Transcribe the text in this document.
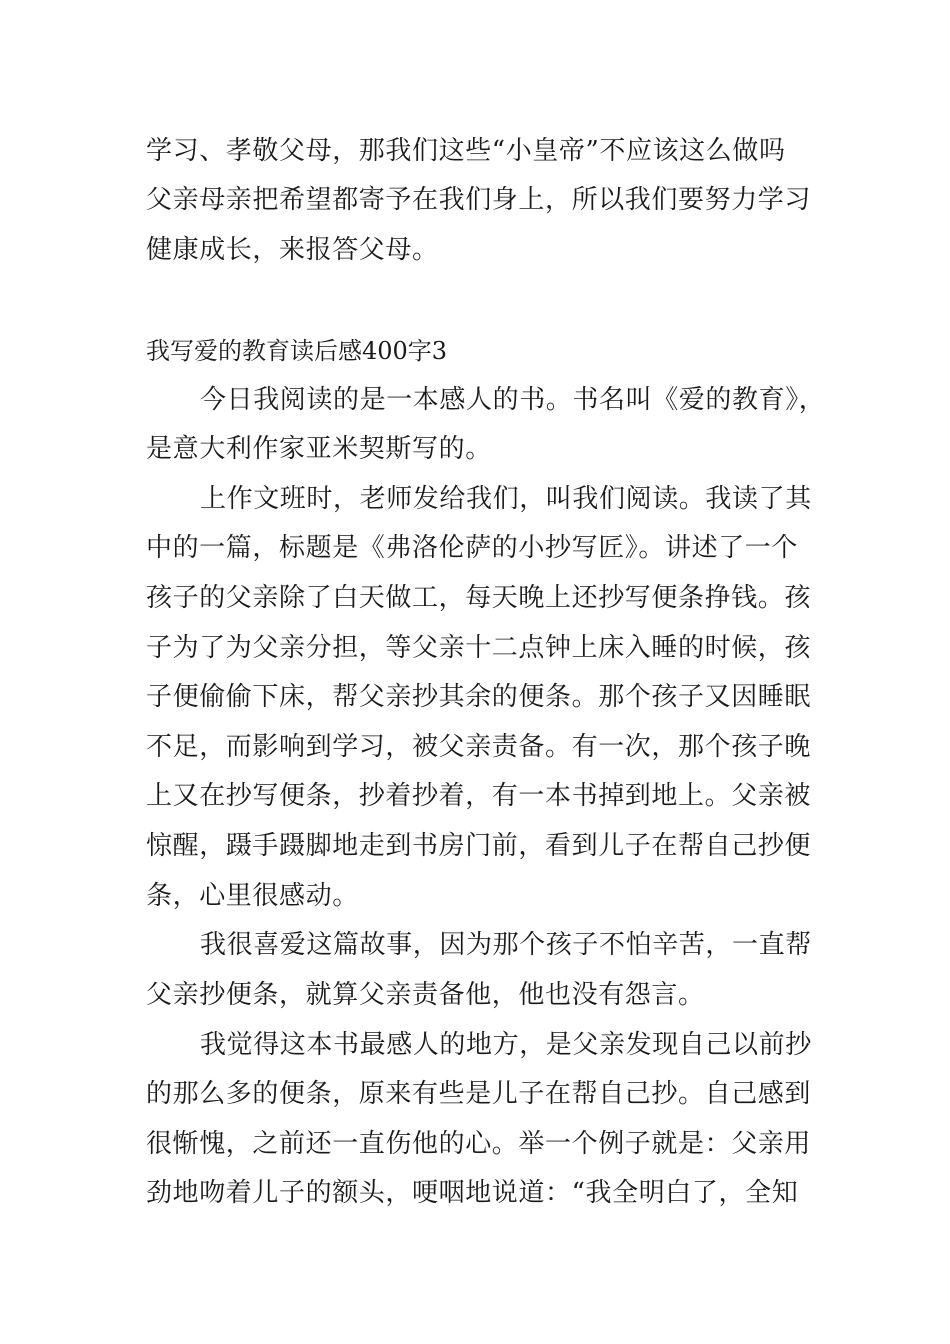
学习、孝敬父母，那我们这些“小皇帝”不应该这么做吗

父亲母亲把希望都寄予在我们身上，所以我们要努力学习

健康成长，来报答父母。

我写爱的教育读后感400字3

今日我阅读的是一本感人的书。书名叫《爱的教育》，

是意大利作家亚米契斯写的。

上作文班时，老师发给我们，叫我们阅读。我读了其

中的一篇，标题是《弗洛伦萨的小抄写匠》。讲述了一个

孩子的父亲除了白天做工，每天晚上还抄写便条挣钱。孩

子为了为父亲分担，等父亲十二点钟上床入睡的时候，孩

子便偷偷下床，帮父亲抄其余的便条。那个孩子又因睡眠

不足，而影响到学习，被父亲责备。有一次，那个孩子晚

上又在抄写便条，抄着抄着，有一本书掉到地上。父亲被

惊醒，蹑手蹑脚地走到书房门前，看到儿子在帮自己抄便

条，心里很感动。

我很喜爱这篇故事，因为那个孩子不怕辛苦，一直帮

父亲抄便条，就算父亲责备他，他也没有怨言。

我觉得这本书最感人的地方，是父亲发现自己以前抄

的那么多的便条，原来有些是儿子在帮自己抄。自己感到

很惭愧，之前还一直伤他的心。举一个例子就是：父亲用

劲地吻着儿子的额头，哽咽地说道：“我全明白了，全知
